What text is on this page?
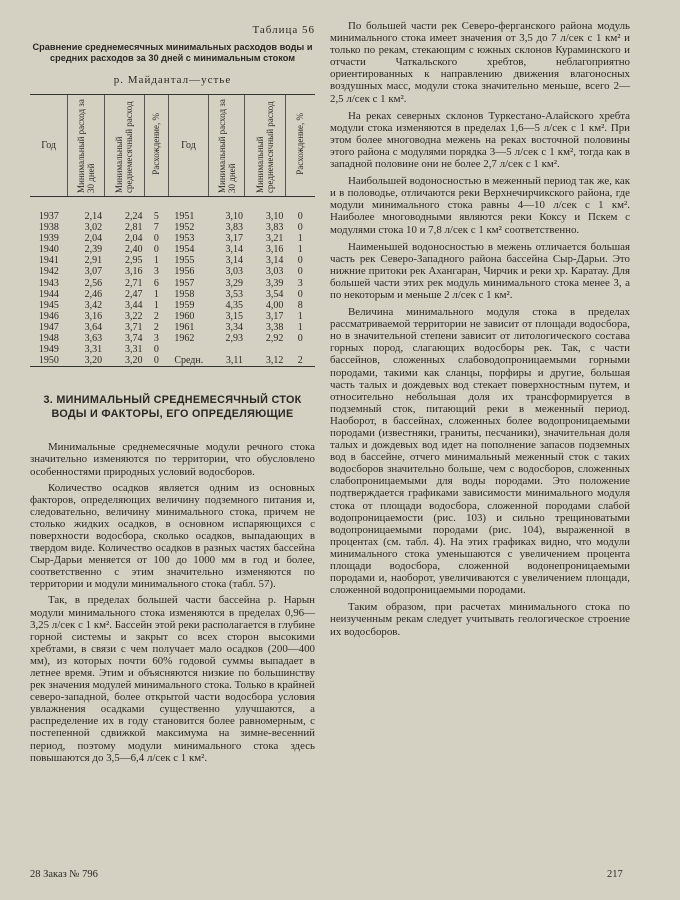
Таблица 56
Сравнение среднемесячных минимальных расходов воды и средних расходов за 30 дней с минимальным стоком
р. Майдантал—устье
Год	Минимальный расход за 30 дней	Минимальный среднемесячный расход	Расхождение, %	Год	Минимальный расход за 30 дней	Минимальный среднемесячный расход	Расхождение, %
1937	2,14	2,24	5	1951	3,10	3,10	0
1938	3,02	2,81	7	1952	3,83	3,83	0
1939	2,04	2,04	0	1953	3,17	3,21	1
1940	2,39	2,40	0	1954	3,14	3,16	1
1941	2,91	2,95	1	1955	3,14	3,14	0
1942	3,07	3,16	3	1956	3,03	3,03	0
1943	2,56	2,71	6	1957	3,29	3,39	3
1944	2,46	2,47	1	1958	3,53	3,54	0
1945	3,42	3,44	1	1959	4,35	4,00	8
1946	3,16	3,22	2	1960	3,15	3,17	1
1947	3,64	3,71	2	1961	3,34	3,38	1
1948	3,63	3,74	3	1962	2,93	2,92	0
1949	3,31	3,31	0				
1950	3,20	3,20	0	Средн.	3,11	3,12	2
3. МИНИМАЛЬНЫЙ СРЕДНЕМЕСЯЧНЫЙ СТОК
ВОДЫ И ФАКТОРЫ, ЕГО ОПРЕДЕЛЯЮЩИЕ

Минимальные среднемесячные модули речного стока значительно изменяются по территории, что обусловлено особенностями природных условий водосборов.

Количество осадков является одним из основных факторов, определяющих величину подземного питания и, следовательно, величину минимального стока, причем не столько жидких осадков, в основном испаряющихся с поверхности водосбора, сколько осадков, выпадающих в твердом виде. Количество осадков в разных частях бассейна Сыр-Дарьи меняется от 100 до 1000 мм в год и более, соответственно с этим значительно изменяются по территории и модули минимального стока (табл. 57).

Так, в пределах большей части бассейна р. Нарын модули минимального стока изменяются в пределах 0,96—3,25 л/сек с 1 км². Бассейн этой реки располагается в глубине горной системы и закрыт со всех сторон высокими хребтами, в связи с чем получает мало осадков (200—400 мм), из которых почти 60% годовой суммы выпадает в летнее время. Этим и объясняются низкие по большинству рек значения модулей минимального стока. Только в крайней северо-западной, более открытой части водосбора условия увлажнения осадками существенно улучшаются, а распределение их в году становится более равномерным, с постепенной сдвижкой максимума на зимне-весенний период, поэтому модули минимального стока здесь повышаются до 3,5—6,4 л/сек с 1 км².

По большей части рек Северо-ферганского района модуль минимального стока имеет значения от 3,5 до 7 л/сек с 1 км² и только по рекам, стекающим с южных склонов Кураминского и отчасти Чаткальского хребтов, неблагоприятно ориентированных к направлению движения влагоносных воздушных масс, модули стока значительно меньше, всего 2—2,5 л/сек с 1 км².

На реках северных склонов Туркестано-Алайского хребта модули стока изменяются в пределах 1,6—5 л/сек с 1 км². При этом более многоводна межень на реках восточной половины этого района с модулями порядка 3—5 л/сек с 1 км², тогда как в западной половине они не более 2,7 л/сек с 1 км².

Наибольшей водоносностью в меженный период так же, как и в половодье, отличаются реки Верхнечирчикского района, где модули минимального стока равны 4—10 л/сек с 1 км². Наиболее многоводными являются реки Коксу и Пскем с модулями стока 10 и 7,8 л/сек с 1 км² соответственно.

Наименьшей водоносностью в межень отличается большая часть рек Северо-Западного района бассейна Сыр-Дарьи. Это нижние притоки рек Ахангаран, Чирчик и реки хр. Каратау. Для большей части этих рек модуль минимального стока менее 3, а по некоторым и меньше 2 л/сек с 1 км².

Величина минимального модуля стока в пределах рассматриваемой территории не зависит от площади водосбора, но в значительной степени зависит от литологического состава горных пород, слагающих водосборы рек. Так, с части бассейнов, сложенных слабоводопроницаемыми горными породами, такими как сланцы, порфиры и другие, большая часть талых и дождевых вод стекает поверхностным путем, и относительно небольшая доля их трансформируется в подземный сток, питающий реки в меженный период. Наоборот, в бассейнах, сложенных более водопроницаемыми породами (известняки, граниты, песчаники), значительная доля талых и дождевых вод идет на пополнение запасов подземных вод в бассейне, отчего минимальный меженный сток с таких водосборов значительно больше, чем с водосборов, сложенных слабопроницаемыми для воды породами. Это положение подтверждается графиками зависимости минимального модуля стока от площади водосбора, сложенной породами слабой водопроницаемости (рис. 103) и сильно трещиноватыми водопроницаемыми породами (рис. 104), выраженной в процентах (см. табл. 4). На этих графиках видно, что модули минимального стока уменьшаются с увеличением процента площади водосбора, сложенной водонепроницаемыми породами и, наоборот, увеличиваются с увеличением площади, сложенной водопроницаемыми породами.

Таким образом, при расчетах минимального стока по неизученным рекам следует учитывать геологическое строение их водосборов.

28 Заказ № 796	217
